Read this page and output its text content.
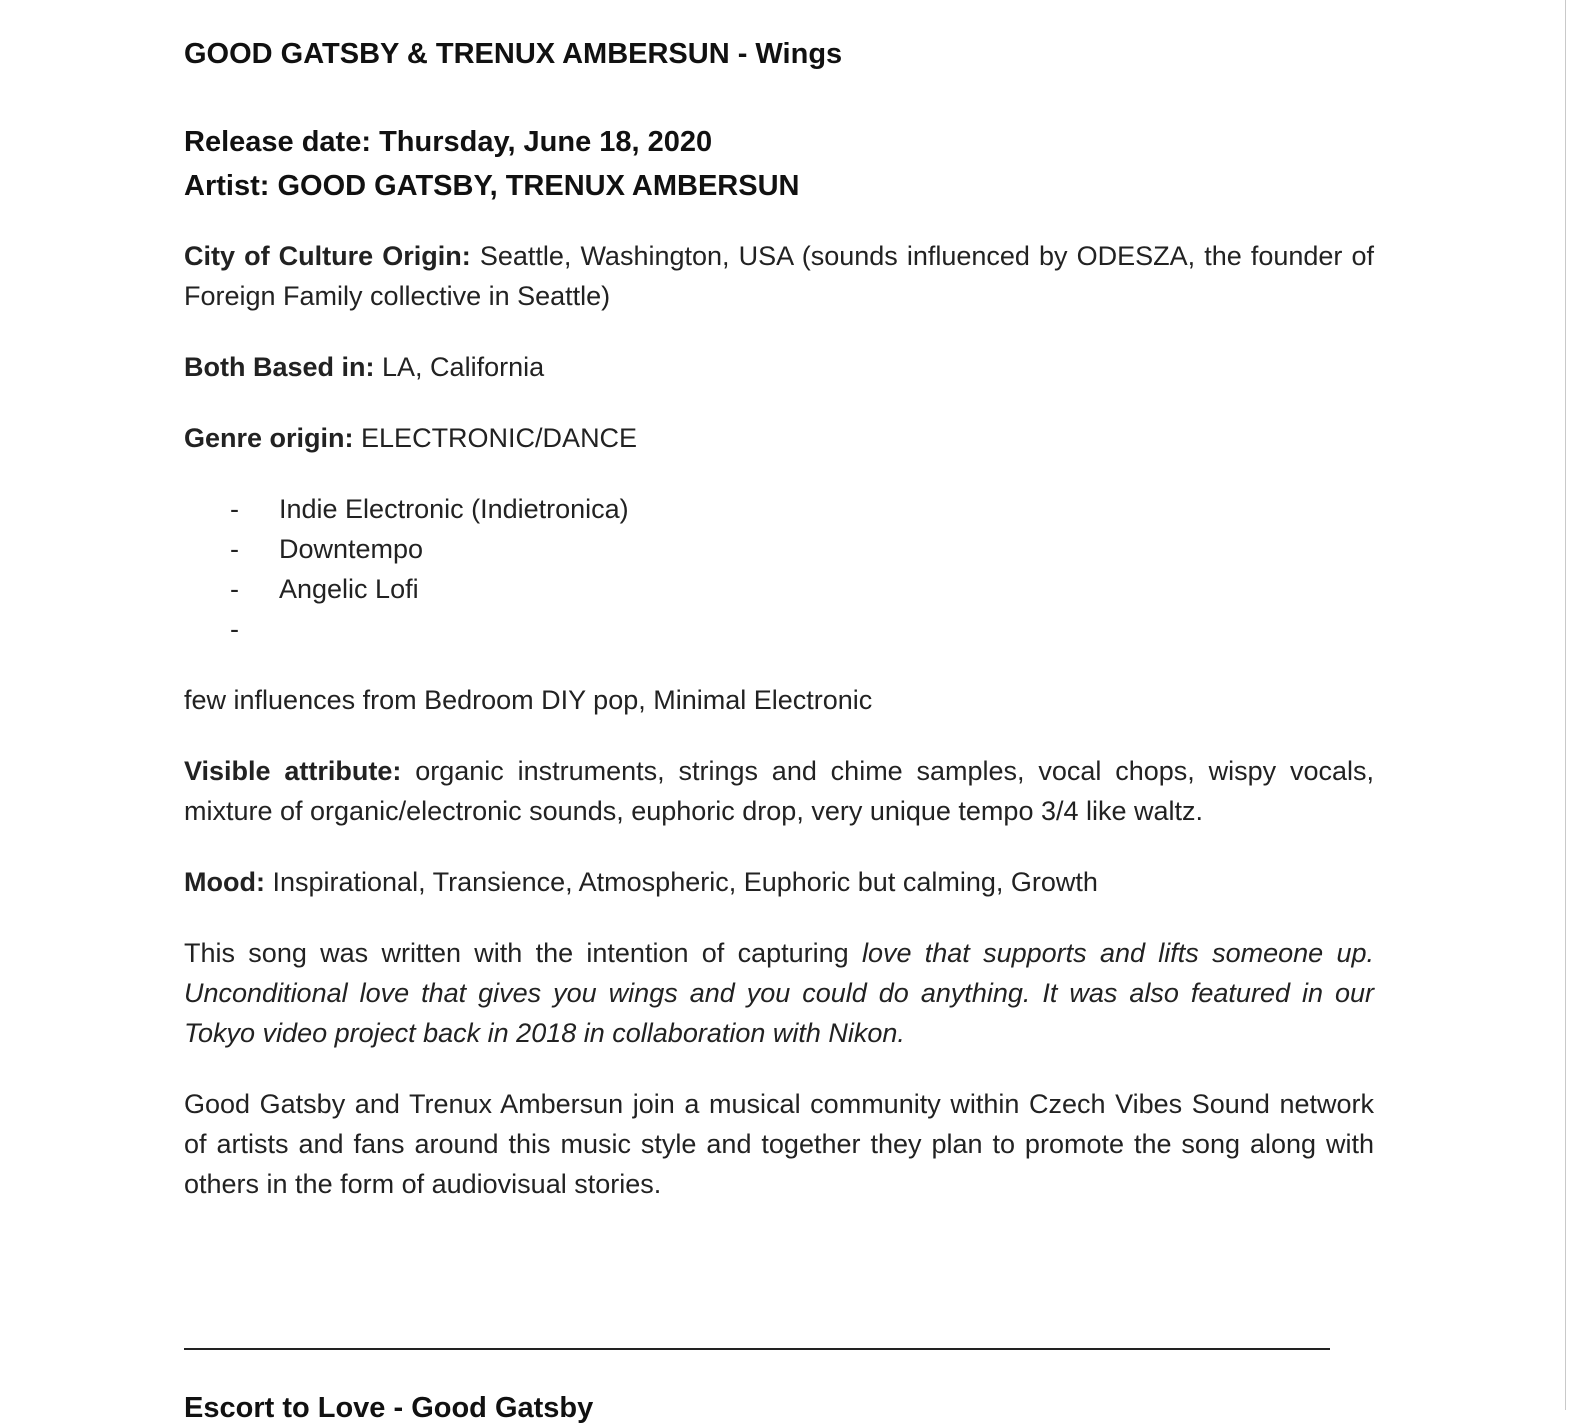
GOOD GATSBY & TRENUX AMBERSUN - Wings
Release date: Thursday, June 18, 2020
Artist: GOOD GATSBY, TRENUX AMBERSUN

City of Culture Origin: Seattle, Washington, USA (sounds influenced by ODESZA, the founder of Foreign Family collective in Seattle)

Both Based in: LA, California

Genre origin: ELECTRONIC/DANCE

- Indie Electronic (Indietronica)
- Downtempo
- Angelic Lofi
-

few influences from Bedroom DIY pop, Minimal Electronic

Visible attribute: organic instruments, strings and chime samples, vocal chops, wispy vocals, mixture of organic/electronic sounds, euphoric drop, very unique tempo 3/4 like waltz.

Mood: Inspirational, Transience, Atmospheric, Euphoric but calming, Growth

This song was written with the intention of capturing love that supports and lifts someone up. Unconditional love that gives you wings and you could do anything. It was also featured in our Tokyo video project back in 2018 in collaboration with Nikon.

Good Gatsby and Trenux Ambersun join a musical community within Czech Vibes Sound network of artists and fans around this music style and together they plan to promote the song along with others in the form of audiovisual stories.

Escort to Love - Good Gatsby
